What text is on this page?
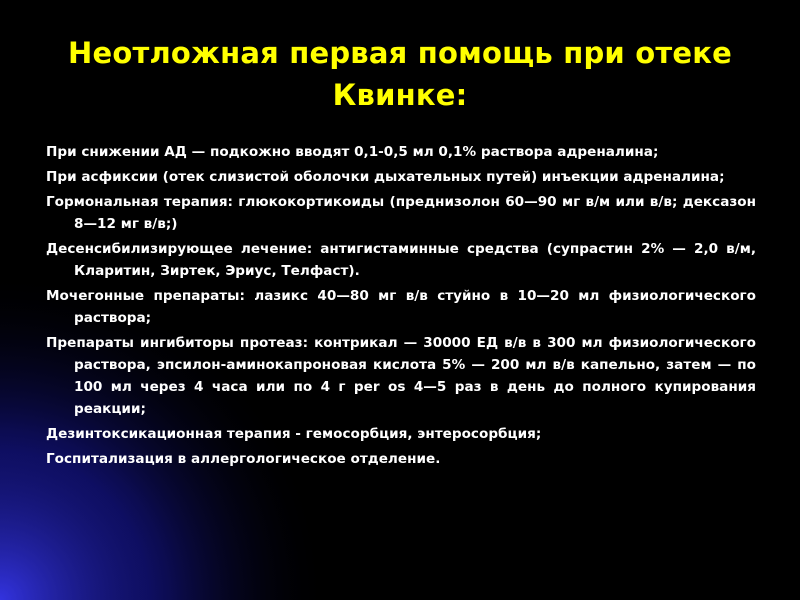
Неотложная первая помощь при отеке Квинке:
При снижении АД — подкожно вводят 0,1-0,5 мл 0,1% раствора адреналина;
При асфиксии (отек слизистой оболочки дыхательных путей) инъекции адреналина;
Гормональная терапия: глюкокортикоиды (преднизолон 60—90 мг в/м или в/в; дексазон 8—12 мг в/в;)
Десенсибилизирующее лечение: антигистаминные средства (супрастин 2% — 2,0 в/м, Кларитин, Зиртек, Эриус, Телфаст).
Мочегонные препараты: лазикс 40—80 мг в/в стуйно в 10—20 мл физиологического раствора;
Препараты ингибиторы протеаз: контрикал — 30000 ЕД в/в в 300 мл физиологического раствора, эпсилон-аминокапроновая кислота 5% — 200 мл в/в капельно, затем — по 100 мл через 4 часа или по 4 г per os 4—5 раз в день до полного купирования реакции;
Дезинтоксикационная терапия - гемосорбция, энтеросорбция;
Госпитализация в аллергологическое отделение.
